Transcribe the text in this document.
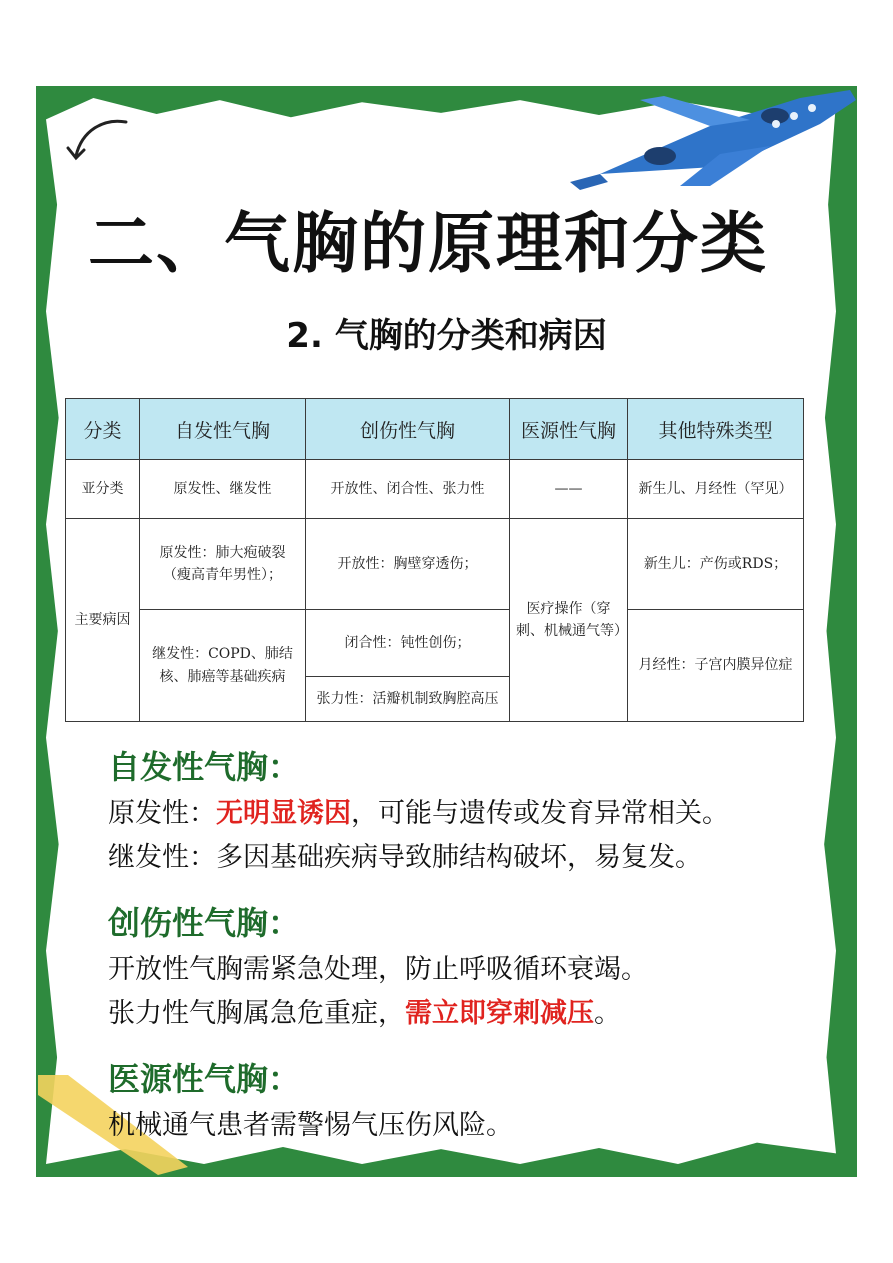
二、气胸的原理和分类
2. 气胸的分类和病因
分类	自发性气胸	创伤性气胸	医源性气胸	其他特殊类型
亚分类	原发性、继发性	开放性、闭合性、张力性	——	新生儿、月经性（罕见）
主要病因	原发性：肺大疱破裂（瘦高青年男性）；	开放性：胸壁穿透伤；	医疗操作（穿刺、机械通气等）	新生儿：产伤或RDS；
	继发性：COPD、肺结核、肺癌等基础疾病	闭合性：钝性创伤；		月经性：子宫内膜异位症
		张力性：活瓣机制致胸腔高压		
自发性气胸：

原发性：无明显诱因，可能与遗传或发育异常相关。

继发性：多因基础疾病导致肺结构破坏，易复发。

创伤性气胸：

开放性气胸需紧急处理，防止呼吸循环衰竭。

张力性气胸属急危重症，需立即穿刺减压。

医源性气胸：

机械通气患者需警惕气压伤风险。
